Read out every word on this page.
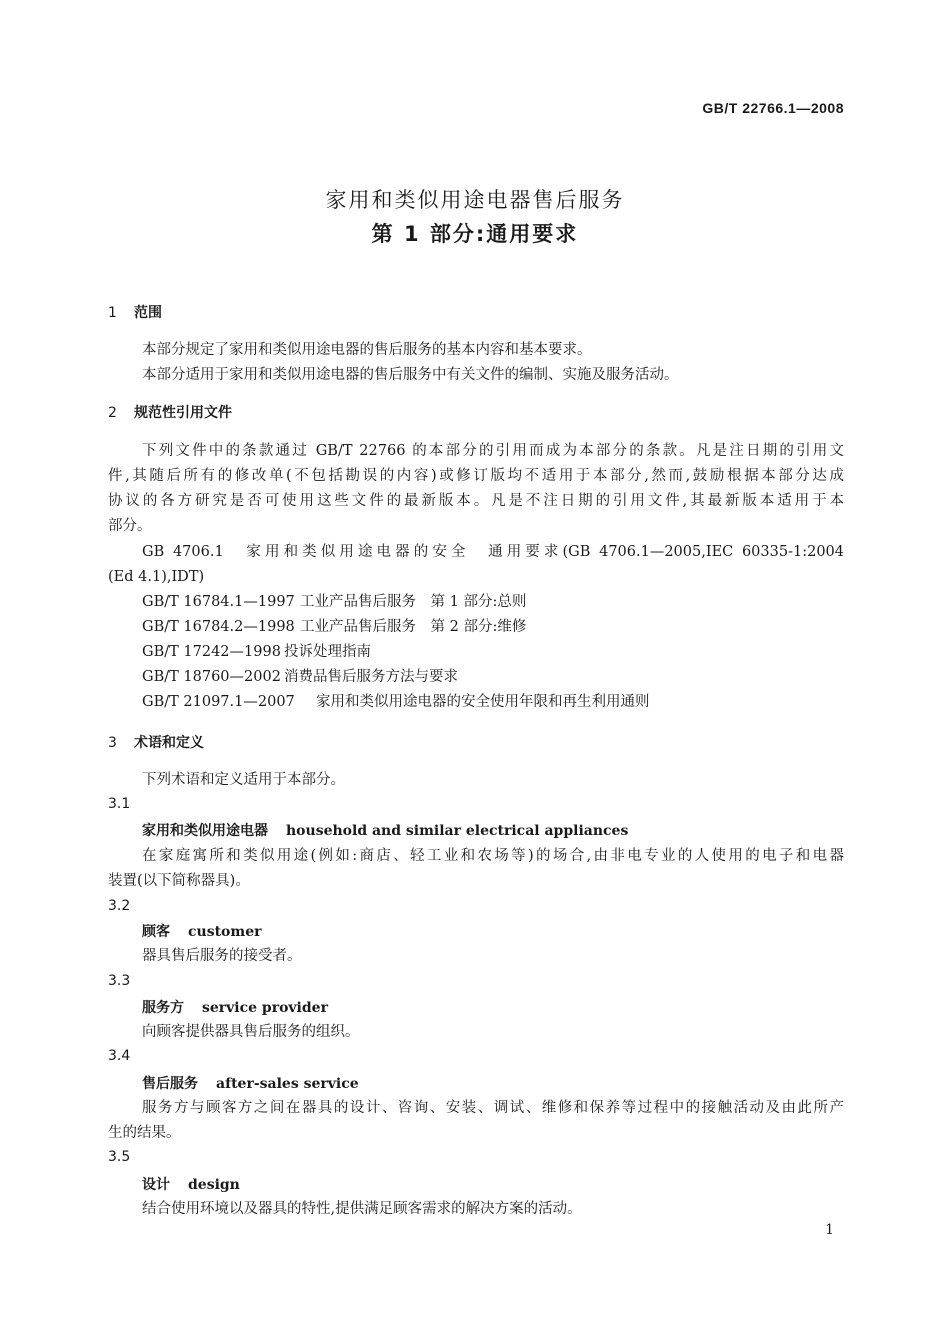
GB/T 22766.1—2008
家用和类似用途电器售后服务
第 1 部分:通用要求
1 范围
本部分规定了家用和类似用途电器的售后服务的基本内容和基本要求。
本部分适用于家用和类似用途电器的售后服务中有关文件的编制、实施及服务活动。
2 规范性引用文件
下列文件中的条款通过 GB/T 22766 的本部分的引用而成为本部分的条款。凡是注日期的引用文
件,其随后所有的修改单(不包括勘误的内容)或修订版均不适用于本部分,然而,鼓励根据本部分达成
协议的各方研究是否可使用这些文件的最新版本。凡是不注日期的引用文件,其最新版本适用于本
部分。
GB 4706.1　家用和类似用途电器的安全　通用要求(GB 4706.1—2005,IEC 60335-1:2004
(Ed 4.1),IDT)
GB/T 16784.1—1997 工业产品售后服务　第 1 部分:总则
GB/T 16784.2—1998 工业产品售后服务　第 2 部分:维修
GB/T 17242—1998 投诉处理指南
GB/T 18760—2002 消费品售后服务方法与要求
GB/T 21097.1—2007 家用和类似用途电器的安全使用年限和再生利用通则
3 术语和定义
下列术语和定义适用于本部分。
3.1
家用和类似用途电器 household and similar electrical appliances
在家庭寓所和类似用途(例如:商店、轻工业和农场等)的场合,由非电专业的人使用的电子和电器
装置(以下简称器具)。
3.2
顾客 customer
器具售后服务的接受者。
3.3
服务方 service provider
向顾客提供器具售后服务的组织。
3.4
售后服务 after-sales service
服务方与顾客方之间在器具的设计、咨询、安装、调试、维修和保养等过程中的接触活动及由此所产
生的结果。
3.5
设计 design
结合使用环境以及器具的特性,提供满足顾客需求的解决方案的活动。
1
